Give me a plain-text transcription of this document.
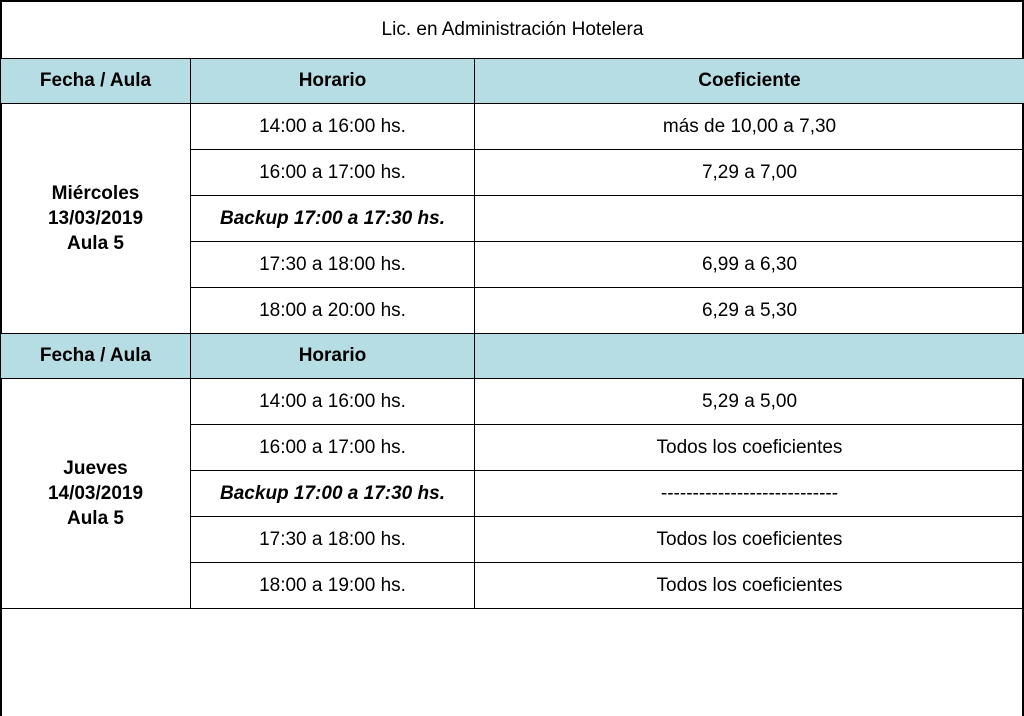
Lic. en Administración Hotelera		
Fecha / Aula	Horario	Coeficiente

Miércoles
13/03/2019
Aula 5	14:00 a 16:00 hs.	más de 10,00 a 7,30
	16:00 a 17:00 hs.	7,29 a 7,00
	Backup 17:00 a 17:30 hs.	
	17:30 a 18:00 hs.	6,99 a 6,30
	18:00 a 20:00 hs.	6,29 a 5,30
Fecha / Aula	Horario	

Jueves
14/03/2019
Aula 5	14:00 a 16:00 hs.	5,29 a 5,00
	16:00 a 17:00 hs.	Todos los coeficientes
	Backup 17:00 a 17:30 hs.	----------------------------
	17:30 a 18:00 hs.	Todos los coeficientes
	18:00 a 19:00 hs.	Todos los coeficientes
